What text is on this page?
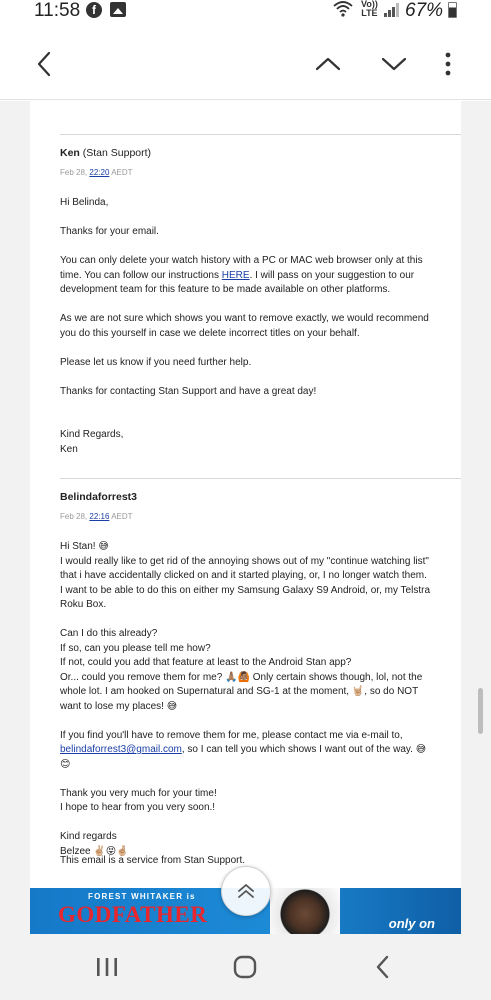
11:58 f	Vo))
LTE 67%
Ken (Stan Support)
Feb 28, 22:20 AEDT

Hi Belinda,

Thanks for your email.

You can only delete your watch history with a PC or MAC web browser only at this time. You can follow our instructions HERE. I will pass on your suggestion to our development team for this feature to be made available on other platforms.

As we are not sure which shows you want to remove exactly, we would recommend you do this yourself in case we delete incorrect titles on your behalf.

Please let us know if you need further help.

Thanks for contacting Stan Support and have a great day!

Kind Regards,
Ken
Belindaforrest3
Feb 28, 22:16 AEDT

Hi Stan! 😅
I would really like to get rid of the annoying shows out of my "continue watching list" that i have accidentally clicked on and it started playing, or, I no longer watch them.
I want to be able to do this on either my Samsung Galaxy S9 Android, or, my Telstra Roku Box.

Can I do this already?
If so, can you please tell me how?
If not, could you add that feature at least to the Android Stan app?
Or... could you remove them for me? 🙏🏽🙆🏽 Only certain shows though, lol, not the whole lot. I am hooked on Supernatural and SG-1 at the moment, 🤘🏼, so do NOT want to lose my places! 😅

If you find you'll have to remove them for me, please contact me via e-mail to, belindaforrest3@gmail.com, so I can tell you which shows I want out of the way. 😅😊

Thank you very much for your time!
I hope to hear from you very soon.!

Kind regards
Belzee ✌🏼😝🤞🏼
This email is a service from Stan Support.
FOREST WHITAKER is
GODFATHER	only on
